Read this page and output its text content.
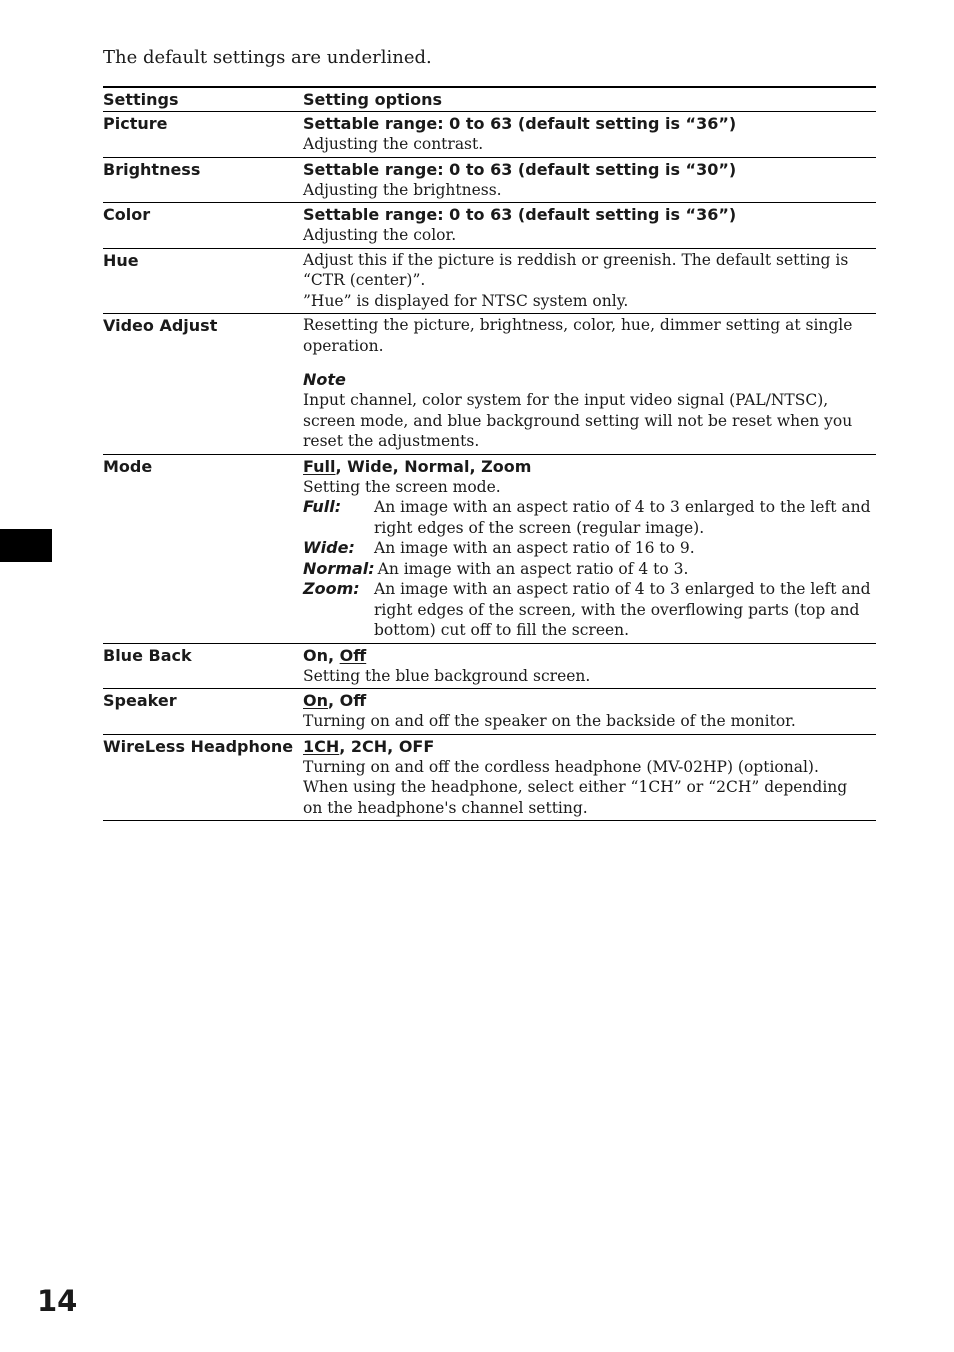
The default settings are underlined.
Settings	Setting options
Picture	Settable range: 0 to 63 (default setting is “36”)
Adjusting the contrast.
Brightness	Settable range: 0 to 63 (default setting is “30”)
Adjusting the brightness.
Color	Settable range: 0 to 63 (default setting is “36”)
Adjusting the color.
Hue	Adjust this if the picture is reddish or greenish. The default setting is
“CTR (center)”.
”Hue” is displayed for NTSC system only.
Video Adjust	Resetting the picture, brightness, color, hue, dimmer setting at single
operation.
Note
Input channel, color system for the input video signal (PAL/NTSC),
screen mode, and blue background setting will not be reset when you
reset the adjustments.
Mode	Full, Wide, Normal, Zoom
Setting the screen mode.
Full:	An image with an aspect ratio of 4 to 3 enlarged to the left and
right edges of the screen (regular image).
Wide:	An image with an aspect ratio of 16 to 9.
Normal: An image with an aspect ratio of 4 to 3.
Zoom: An image with an aspect ratio of 4 to 3 enlarged to the left and
right edges of the screen, with the overflowing parts (top and
bottom) cut off to fill the screen.
Blue Back	On, Off
Setting the blue background screen.
Speaker	On, Off
Turning on and off the speaker on the backside of the monitor.
WireLess Headphone 1CH, 2CH, OFF
Turning on and off the cordless headphone (MV-02HP) (optional).
When using the headphone, select either “1CH” or “2CH” depending
on the headphone's channel setting.
14
